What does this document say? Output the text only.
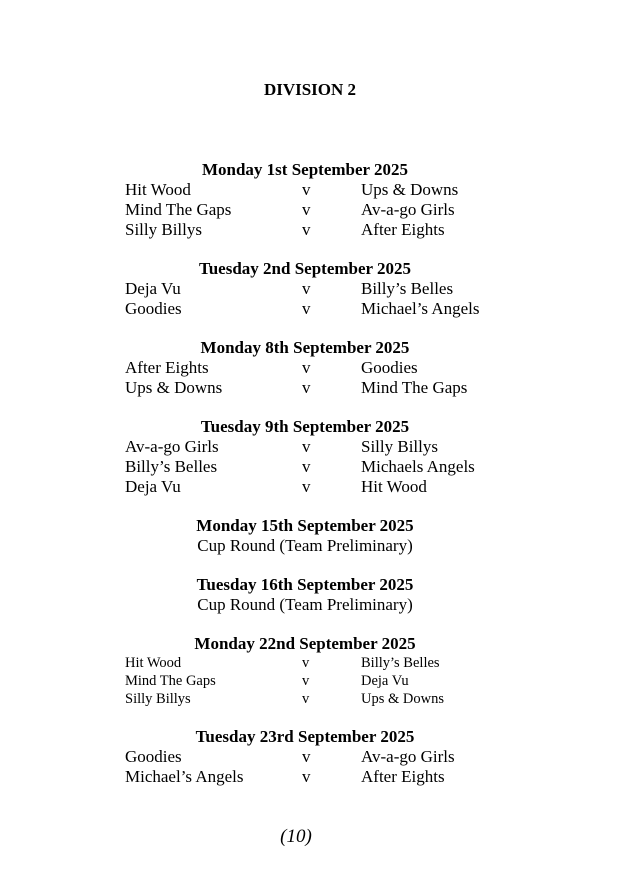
DIVISION 2
Monday 1st September 2025
Hit Wood	v	Ups & Downs
Mind The Gaps	v	Av-a-go Girls
Silly Billys	v	After Eights
Tuesday 2nd September 2025
Deja Vu	v	Billy’s Belles
Goodies	v	Michael’s Angels
Monday 8th September 2025
After Eights	v	Goodies
Ups & Downs	v	Mind The Gaps
Tuesday 9th September 2025
Av-a-go Girls	v	Silly Billys
Billy’s Belles	v	Michaels Angels
Deja Vu	v	Hit Wood
Monday 15th September 2025
Cup Round (Team Preliminary)
Tuesday 16th September 2025
Cup Round (Team Preliminary)
Monday 22nd September 2025
Hit Wood	v	Billy’s Belles
Mind The Gaps	v	Deja Vu
Silly Billys	v	Ups & Downs
Tuesday 23rd September 2025
Goodies	v	Av-a-go Girls
Michael’s Angels	v	After Eights
(10)
